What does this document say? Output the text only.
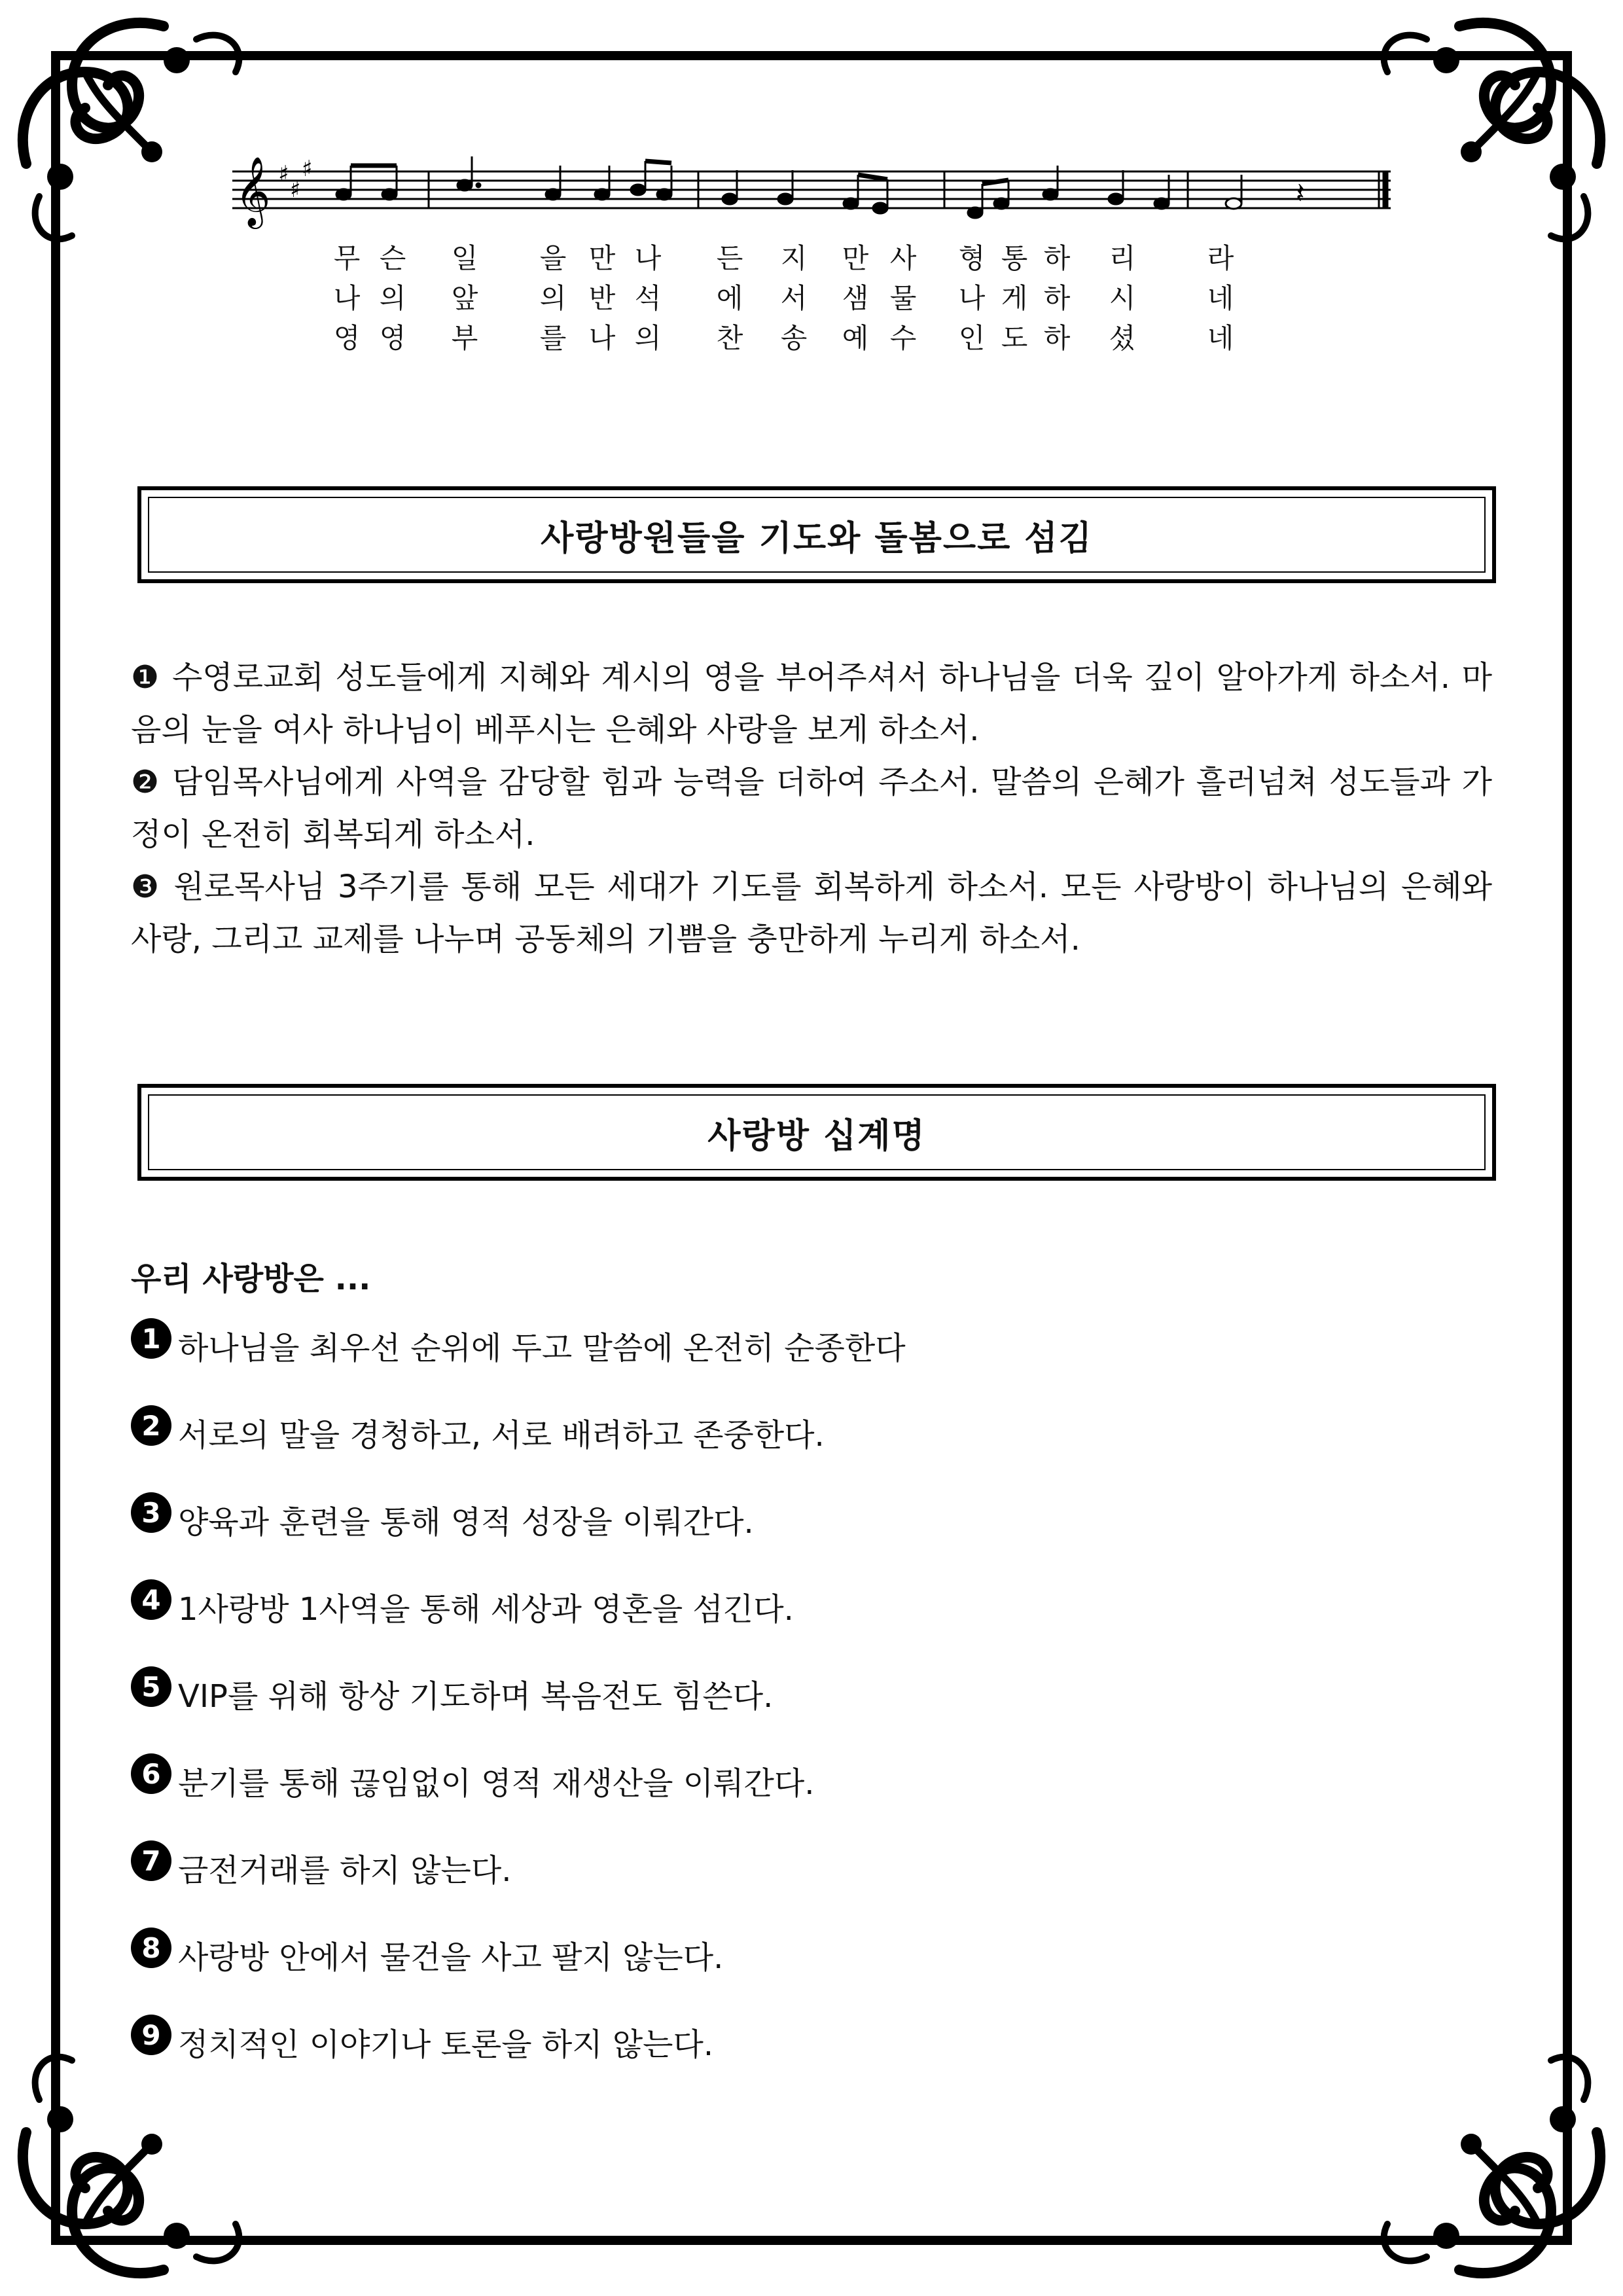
𝄞 ♯
♯
♯
𝄽
무 슨 일 을 만 나 든 지 만 사 형 통 하 리	라
나 의 앞 의 반 석 에 서 샘 물 나 게 하 시	네
영 영 부 를 나 의 찬 송 예 수 인 도 하 셨	네
사랑방원들을 기도와 돌봄으로 섬김

❶ 수영로교회 성도들에게 지혜와 계시의 영을 부어주셔서 하나님을 더욱 깊이 알아가게 하소서. 마음의 눈을 여사 하나님이 베푸시는 은혜와 사랑을 보게 하소서.

❷ 담임목사님에게 사역을 감당할 힘과 능력을 더하여 주소서. 말씀의 은혜가 흘러넘쳐 성도들과 가정이 온전히 회복되게 하소서.

❸ 원로목사님 3주기를 통해 모든 세대가 기도를 회복하게 하소서. 모든 사랑방이 하나님의 은혜와 사랑, 그리고 교제를 나누며 공동체의 기쁨을 충만하게 누리게 하소서.

사랑방 십계명
우리 사랑방은 ...
1 하나님을 최우선 순위에 두고 말씀에 온전히 순종한다
2 서로의 말을 경청하고, 서로 배려하고 존중한다.
3 양육과 훈련을 통해 영적 성장을 이뤄간다.
4 1사랑방 1사역을 통해 세상과 영혼을 섬긴다.
5 VIP를 위해 항상 기도하며 복음전도 힘쓴다.
6 분기를 통해 끊임없이 영적 재생산을 이뤄간다.
7 금전거래를 하지 않는다.
8 사랑방 안에서 물건을 사고 팔지 않는다.
9 정치적인 이야기나 토론을 하지 않는다.
